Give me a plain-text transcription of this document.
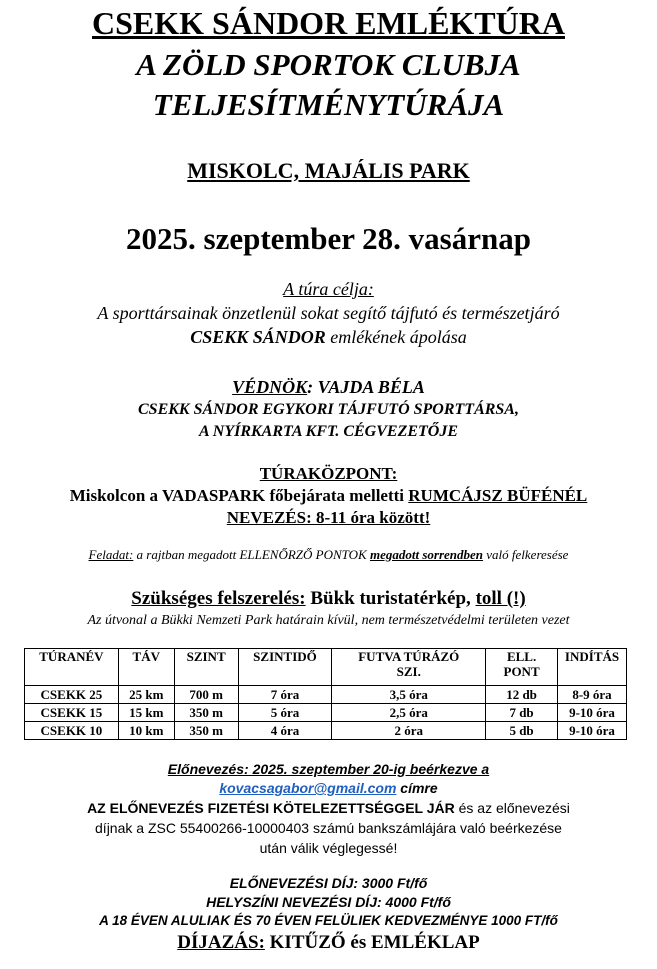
CSEKK SÁNDOR EMLÉKTÚRA
A ZÖLD SPORTOK CLUBJA
TELJESÍTMÉNYTÚRÁJA
MISKOLC, MAJÁLIS PARK
2025. szeptember 28. vasárnap
A túra célja:
A sporttársainak önzetlenül sokat segítő tájfutó és természetjáró
CSEKK SÁNDOR emlékének ápolása
VÉDNÖK: VAJDA BÉLA
CSEKK SÁNDOR EGYKORI TÁJFUTÓ SPORTTÁRSA,
A NYÍRKARTA KFT. CÉGVEZETŐJE
TÚRAKÖZPONT:
Miskolcon a VADASPARK főbejárata melletti RUMCÁJSZ BÜFÉNÉL
NEVEZÉS: 8-11 óra között!
Feladat: a rajtban megadott ELLENŐRZŐ PONTOK megadott sorrendben való felkeresése
Szükséges felszerelés: Bükk turistatérkép, toll (!)
Az útvonal a Bükki Nemzeti Park határain kívül, nem természetvédelmi területen vezet
TÚRANÉV	TÁV	SZINT	SZINTIDŐ	FUTVA TÚRÁZÓ SZI.	ELL. PONT	INDÍTÁS
CSEKK 25	25 km	700 m	7 óra	3,5 óra	12 db	8-9 óra
CSEKK 15	15 km	350 m	5 óra	2,5 óra	7 db	9-10 óra
CSEKK 10	10 km	350 m	4 óra	2 óra	5 db	9-10 óra
Előnevezés: 2025. szeptember 20-ig beérkezve a
kovacsagabor@gmail.com címre
AZ ELŐNEVEZÉS FIZETÉSI KÖTELEZETTSÉGGEL JÁR és az előnevezési
díjnak a ZSC 55400266-10000403 számú bankszámlájára való beérkezése
után válik véglegessé!
ELŐNEVEZÉSI DÍJ: 3000 Ft/fő
HELYSZÍNI NEVEZÉSI DÍJ: 4000 Ft/fő
A 18 ÉVEN ALULIAK ÉS 70 ÉVEN FELÜLIEK KEDVEZMÉNYE 1000 FT/fő
DÍJAZÁS: KITŰZŐ és EMLÉKLAP
